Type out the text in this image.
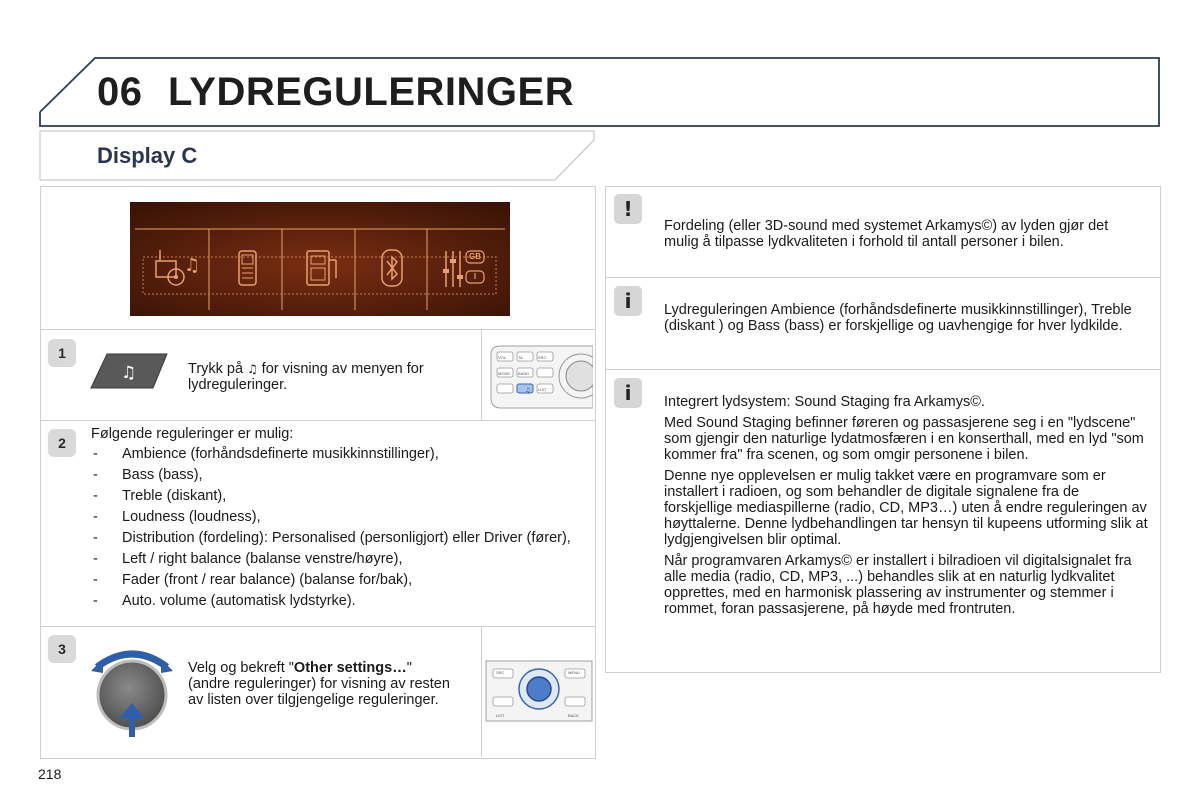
06 LYDREGULERINGER
Display C
♫	GB
I
1
♫	Trykk på ♫ for visning av menyen for lydreguleringer.	♫
VOL	TA	SRC
MODE BAND
LIST
2
Følgende reguleringer er mulig:
- Ambience (forhåndsdefinerte musikkinnstillinger),
- Bass (bass),
- Treble (diskant),
- Loudness (loudness),
- Distribution (fordeling): Personalised (personligjort) eller Driver (fører),
- Left / right balance (balanse venstre/høyre),
- Fader (front / rear balance) (balanse for/bak),
- Auto. volume (automatisk lydstyrke).
3
Velg og bekreft "Other settings…" (andre reguleringer) for visning av resten av listen over tilgjengelige reguleringer.
SRC	MENU
LIST	BACK
!
Fordeling (eller 3D-sound med systemet Arkamys©) av lyden gjør det mulig å tilpasse lydkvaliteten i forhold til antall personer i bilen.
i	Lydreguleringen Ambience (forhåndsdefinerte musikkinnstillinger), Treble (diskant ) og Bass (bass) er forskjellige og uavhengige for hver lydkilde.
i	Integrert lydsystem: Sound Staging fra Arkamys©.

Med Sound Staging befinner føreren og passasjerene seg i en "lydscene" som gjengir den naturlige lydatmosfæren i en konserthall, med en lyd "som kommer fra" fra scenen, og som omgir personene i bilen.

Denne nye opplevelsen er mulig takket være en programvare som er installert i radioen, og som behandler de digitale signalene fra de forskjellige mediaspillerne (radio, CD, MP3…) uten å endre reguleringen av høyttalerne. Denne lydbehandlingen tar hensyn til kupeens utforming slik at lydgjengivelsen blir optimal.

Når programvaren Arkamys© er installert i bilradioen vil digitalsignalet fra alle media (radio, CD, MP3, ...) behandles slik at en naturlig lydkvalitet opprettes, med en harmonisk plassering av instrumenter og stemmer i rommet, foran passasjerene, på høyde med frontruten.

218
